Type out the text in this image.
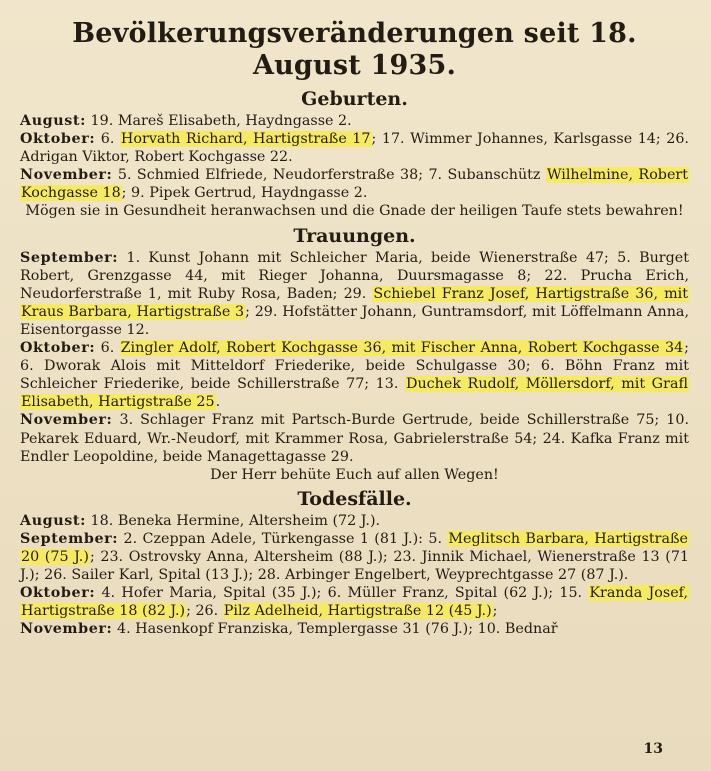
Bevölkerungsveränderungen seit 18. August 1935.
Geburten.

August: 19. Mareš Elisabeth, Haydngasse 2.

Oktober: 6. Horvath Richard, Hartigstraße 17; 17. Wimmer Johannes, Karlsgasse 14; 26. Adrigan Viktor, Robert Kochgasse 22.

November: 5. Schmied Elfriede, Neudorferstraße 38; 7. Subanschütz Wilhelmine, Robert Kochgasse 18; 9. Pipek Gertrud, Haydngasse 2.

Mögen sie in Gesundheit heranwachsen und die Gnade der heiligen Taufe stets bewahren!

Trauungen.

September: 1. Kunst Johann mit Schleicher Maria, beide Wienerstraße 47; 5. Burget Robert, Grenzgasse 44, mit Rieger Johanna, Duursmagasse 8; 22. Prucha Erich, Neudorferstraße 1, mit Ruby Rosa, Baden; 29. Schiebel Franz Josef, Hartigstraße 36, mit Kraus Barbara, Hartigstraße 3; 29. Hofstätter Johann, Guntramsdorf, mit Löffelmann Anna, Eisentorgasse 12.

Oktober: 6. Zingler Adolf, Robert Kochgasse 36, mit Fischer Anna, Robert Kochgasse 34; 6. Dworak Alois mit Mitteldorf Friederike, beide Schulgasse 30; 6. Böhn Franz mit Schleicher Friederike, beide Schillerstraße 77; 13. Duchek Rudolf, Möllersdorf, mit Grafl Elisabeth, Hartigstraße 25.

November: 3. Schlager Franz mit Partsch-Burde Gertrude, beide Schillerstraße 75; 10. Pekarek Eduard, Wr.-Neudorf, mit Krammer Rosa, Gabrielerstraße 54; 24. Kafka Franz mit Endler Leopoldine, beide Managettagasse 29.

Der Herr behüte Euch auf allen Wegen!

Todesfälle.

August: 18. Beneka Hermine, Altersheim (72 J.).

September: 2. Czeppan Adele, Türkengasse 1 (81 J.): 5. Meglitsch Barbara, Hartigstraße 20 (75 J.); 23. Ostrovsky Anna, Altersheim (88 J.); 23. Jinnik Michael, Wienerstraße 13 (71 J.); 26. Sailer Karl, Spital (13 J.); 28. Arbinger Engelbert, Weyprechtgasse 27 (87 J.).

Oktober: 4. Hofer Maria, Spital (35 J.); 6. Müller Franz, Spital (62 J.); 15. Kranda Josef, Hartigstraße 18 (82 J.); 26. Pilz Adelheid, Hartigstraße 12 (45 J.);

November: 4. Hasenkopf Franziska, Templergasse 31 (76 J.); 10. Bednař

13
